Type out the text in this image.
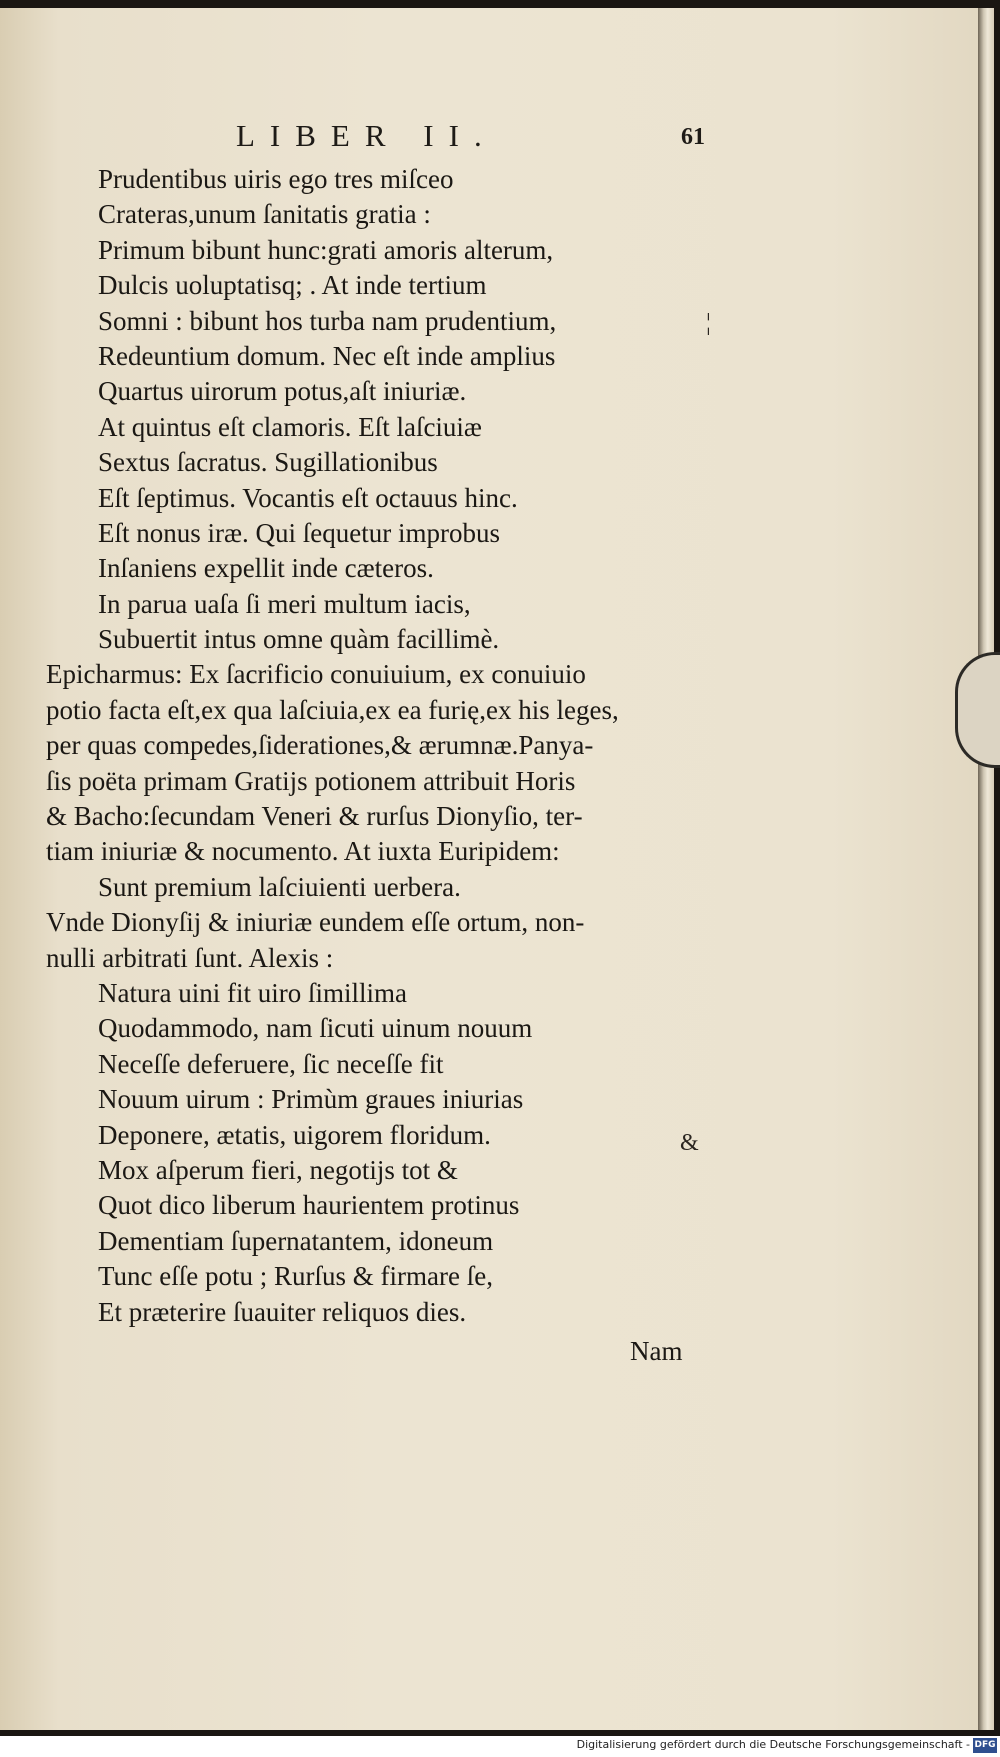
LIBER II.	61
Prudentibus uiris ego tres miſceo
Crateras,unum ſanitatis gratia :
Primum bibunt hunc:grati amoris alterum,
Dulcis uoluptatisq; . At inde tertium
Somni : bibunt hos turba nam prudentium,
Redeuntium domum. Nec eſt inde amplius
Quartus uirorum potus,aſt iniuriæ.
At quintus eſt clamoris. Eſt laſciuiæ
Sextus ſacratus. Sugillationibus
Eſt ſeptimus. Vocantis eſt octauus hinc.
Eſt nonus iræ. Qui ſequetur improbus
Inſaniens expellit inde cæteros.
In parua uaſa ſi meri multum iacis,
Subuertit intus omne quàm facillimè.
Epicharmus: Ex ſacrificio conuiuium, ex conuiuio
potio facta eſt,ex qua laſciuia,ex ea furię,ex his leges,
per quas compedes,ſiderationes,& ærumnæ.Panya-
ſis poëta primam Gratijs potionem attribuit Horis
& Bacho:ſecundam Veneri & rurſus Dionyſio, ter-
tiam iniuriæ & nocumento. At iuxta Euripidem:
Sunt premium laſciuienti uerbera.
Vnde Dionyſij & iniuriæ eundem eſſe ortum, non-
nulli arbitrati ſunt. Alexis :
Natura uini fit uiro ſimillima
Quodammodo, nam ſicuti uinum nouum
Neceſſe deferuere, ſic neceſſe fit
Nouum uirum : Primùm graues iniurias
Deponere, ætatis, uigorem floridum.
Mox aſperum fieri, negotijs tot &
Quot dico liberum haurientem protinus
Dementiam ſupernatantem, idoneum
Tunc eſſe potu ; Rurſus & firmare ſe,
Et præterire ſuauiter reliquos dies.
¦
&
Nam
Digitalisierung gefördert durch die Deutsche Forschungsgemeinschaft - DFG
